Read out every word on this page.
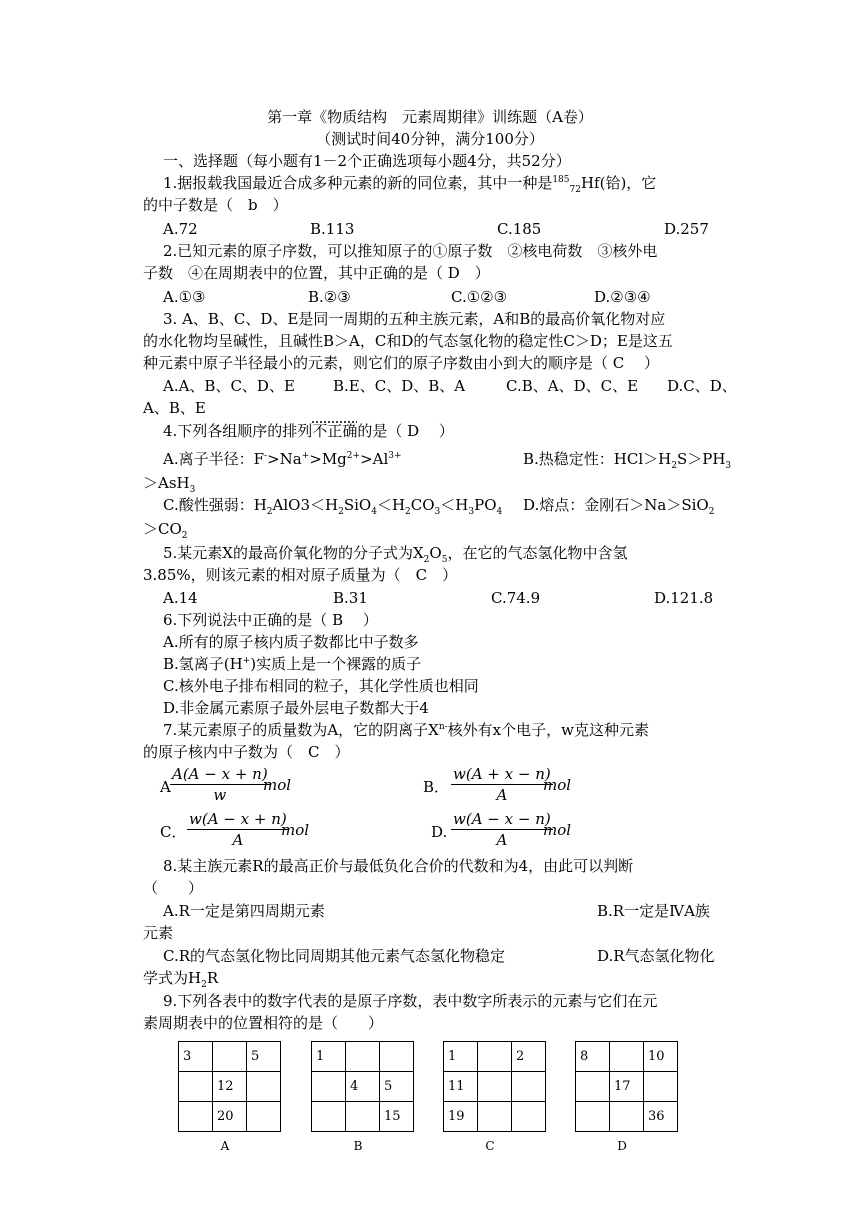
第一章《物质结构　元素周期律》训练题（A卷）
（测试时间40分钟，满分100分）
一、选择题（每小题有1－2个正确选项每小题4分，共52分）
1.据报载我国最近合成多种元素的新的同位素，其中一种是$^{185}_{72}$Hf(铪)，它
的中子数是（　b　）
A.72	B.113	C.185	D.257
2.已知元素的原子序数，可以推知原子的①原子数　②核电荷数　③核外电
子数　④在周期表中的位置，其中正确的是（ D　）
A.①③	B.②③	C.①②③	D.②③④
3. A、B、C、D、E是同一周期的五种主族元素，A和B的最高价氧化物对应
的水化物均呈碱性，且碱性B＞A，C和D的气态氢化物的稳定性C＞D；E是这五
种元素中原子半径最小的元素，则它们的原子序数由小到大的顺序是（ C　 ）
A.A、B、C、D、E	B.E、C、D、B、A	C.B、A、D、C、E D.C、D、
A、B、E
4.下列各组顺序的排列不正确的是（ D　 ）
A.离子半径：$F^->Na^+>Mg^{2+}>Al^{3+}$	B.热稳定性：$HCl>H_2S>PH_3$
＞AsH$_3$
C.酸性强弱：$H_2AlO3<H_2SiO_4<H_2CO_3<H_3PO_4$ D.熔点：金刚石＞Na＞SiO$_2$
$>CO_2$
5.某元素X的最高价氧化物的分子式为$X_2O_5$，在它的气态氢化物中含氢
3.85%，则该元素的相对原子质量为（　C　）
A.14	B.31	C.74.9	D.121.8
6.下列说法中正确的是（ B　 ）
A.所有的原子核内质子数都比中子数多
B.氢离子(H+)实质上是一个裸露的质子
C.核外电子排布相同的粒子，其化学性质也相同
D.非金属元素原子最外层电子数都大于4
7.某元素原子的质量数为A，它的阴离子$X^{n-}$核外有x个电子，w克这种元素
的原子核内中子数为（　C　）
A $\frac{A(A - x + n)}{w}$
mol	B． $\frac{w(A + x - n)}{A}$
mol
C． $\frac{w(A - x + n)}{A}$
mol	D. $\frac{w(A - x - n)}{A}$
mol
8.某主族元素R的最高正价与最低负化合价的代数和为4，由此可以判断
（　　）
A.R一定是第四周期元素	B.R一定是ⅣA族
元素
C.R的气态氢化物比同周期其他元素气态氢化物稳定	D.R气态氢化物化
学式为$H_2R$
9.下列各表中的数字代表的是原子序数，表中数字所表示的元素与它们在元
素周期表中的位置相符的是（　　）
3		5
	12	
	20	
A
1		
	4	5
		15
B
1		2
11		
19		
C
8		10
	17	
		36
D
